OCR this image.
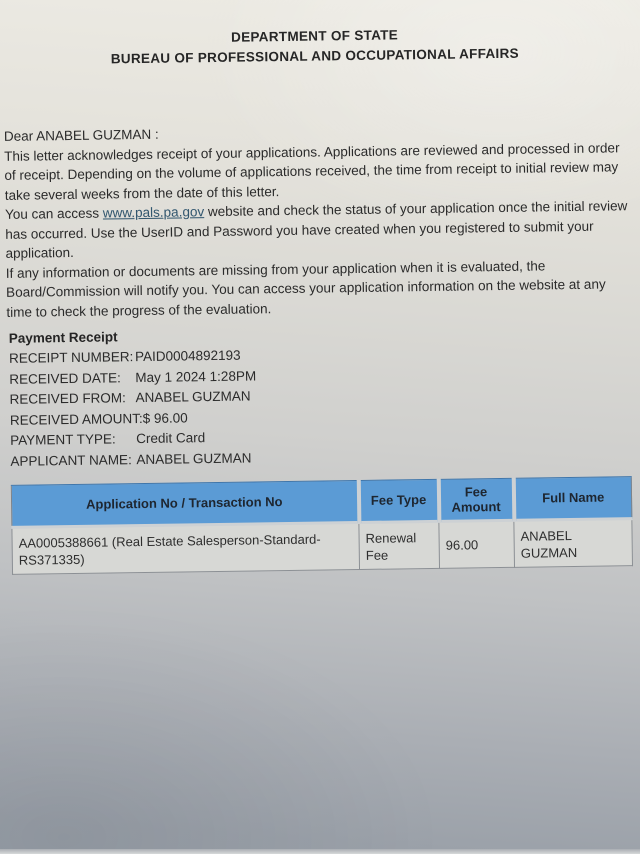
DEPARTMENT OF STATE
BUREAU OF PROFESSIONAL AND OCCUPATIONAL AFFAIRS

Dear ANABEL GUZMAN :

This letter acknowledges receipt of your applications. Applications are reviewed and processed in order of receipt. Depending on the volume of applications received, the time from receipt to initial review may take several weeks from the date of this letter.

You can access www.pals.pa.gov website and check the status of your application once the initial review has occurred. Use the UserID and Password you have created when you registered to submit your application.

If any information or documents are missing from your application when it is evaluated, the Board/Commission will notify you. You can access your application information on the website at any time to check the progress of the evaluation.

Payment Receipt
RECEIPT NUMBER: PAID0004892193
RECEIVED DATE: May 1 2024 1:28PM
RECEIVED FROM: ANABEL GUZMAN
RECEIVED AMOUNT:$ 96.00
PAYMENT TYPE: Credit Card
APPLICANT NAME: ANABEL GUZMAN
Application No / Transaction No	Fee Type	Fee Amount	Full Name
AA0005388661 (Real Estate Salesperson-Standard-RS371335)	Renewal Fee	96.00	ANABEL GUZMAN
